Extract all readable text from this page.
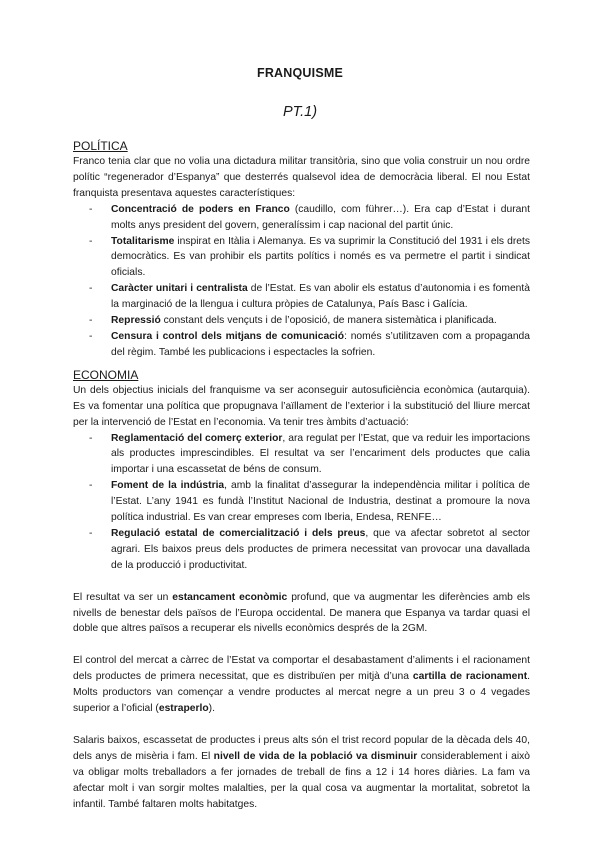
FRANQUISME
PT.1)
POLÍTICA

Franco tenia clar que no volia una dictadura militar transitòria, sino que volia construir un nou ordre polític “regenerador d’Espanya” que desterrés qualsevol idea de democràcia liberal. El nou Estat franquista presentava aquestes característiques:

- Concentració de poders en Franco (caudillo, com führer…). Era cap d’Estat i durant molts anys president del govern, generalíssim i cap nacional del partit únic.
- Totalitarisme inspirat en Itàlia i Alemanya. Es va suprimir la Constitució del 1931 i els drets democràtics. Es van prohibir els partits polítics i només es va permetre el partit i sindicat oficials.
- Caràcter unitari i centralista de l’Estat. Es van abolir els estatus d’autonomia i es fomentà la marginació de la llengua i cultura pròpies de Catalunya, País Basc i Galícia.
- Repressió constant dels vençuts i de l’oposició, de manera sistemàtica i planificada.
- Censura i control dels mitjans de comunicació: només s’utilitzaven com a propaganda del règim. També les publicacions i espectacles la sofrien.
ECONOMIA

Un dels objectius inicials del franquisme va ser aconseguir autosuficiència econòmica (autarquia). Es va fomentar una política que propugnava l’aïllament de l’exterior i la substitució del lliure mercat per la intervenció de l’Estat en l’economia. Va tenir tres àmbits d’actuació:

- Reglamentació del comerç exterior, ara regulat per l’Estat, que va reduir les importacions als productes imprescindibles. El resultat va ser l’encariment dels productes que calia importar i una escassetat de béns de consum.
- Foment de la indústria, amb la finalitat d’assegurar la independència militar i política de l’Estat. L’any 1941 es fundà l’Institut Nacional de Industria, destinat a promoure la nova política industrial. Es van crear empreses com Iberia, Endesa, RENFE…
- Regulació estatal de comercialització i dels preus, que va afectar sobretot al sector agrari. Els baixos preus dels productes de primera necessitat van provocar una davallada de la producció i productivitat.

El resultat va ser un estancament econòmic profund, que va augmentar les diferències amb els nivells de benestar dels països de l’Europa occidental. De manera que Espanya va tardar quasi el doble que altres països a recuperar els nivells econòmics després de la 2GM.

El control del mercat a càrrec de l’Estat va comportar el desabastament d’aliments i el racionament dels productes de primera necessitat, que es distribuïen per mitjà d’una cartilla de racionament. Molts productors van començar a vendre productes al mercat negre a un preu 3 o 4 vegades superior a l’oficial (estraperlo).

Salaris baixos, escassetat de productes i preus alts són el trist record popular de la dècada dels 40, dels anys de misèria i fam. El nivell de vida de la població va disminuir considerablement i això va obligar molts treballadors a fer jornades de treball de fins a 12 i 14 hores diàries. La fam va afectar molt i van sorgir moltes malalties, per la qual cosa va augmentar la mortalitat, sobretot la infantil. També faltaren molts habitatges.
